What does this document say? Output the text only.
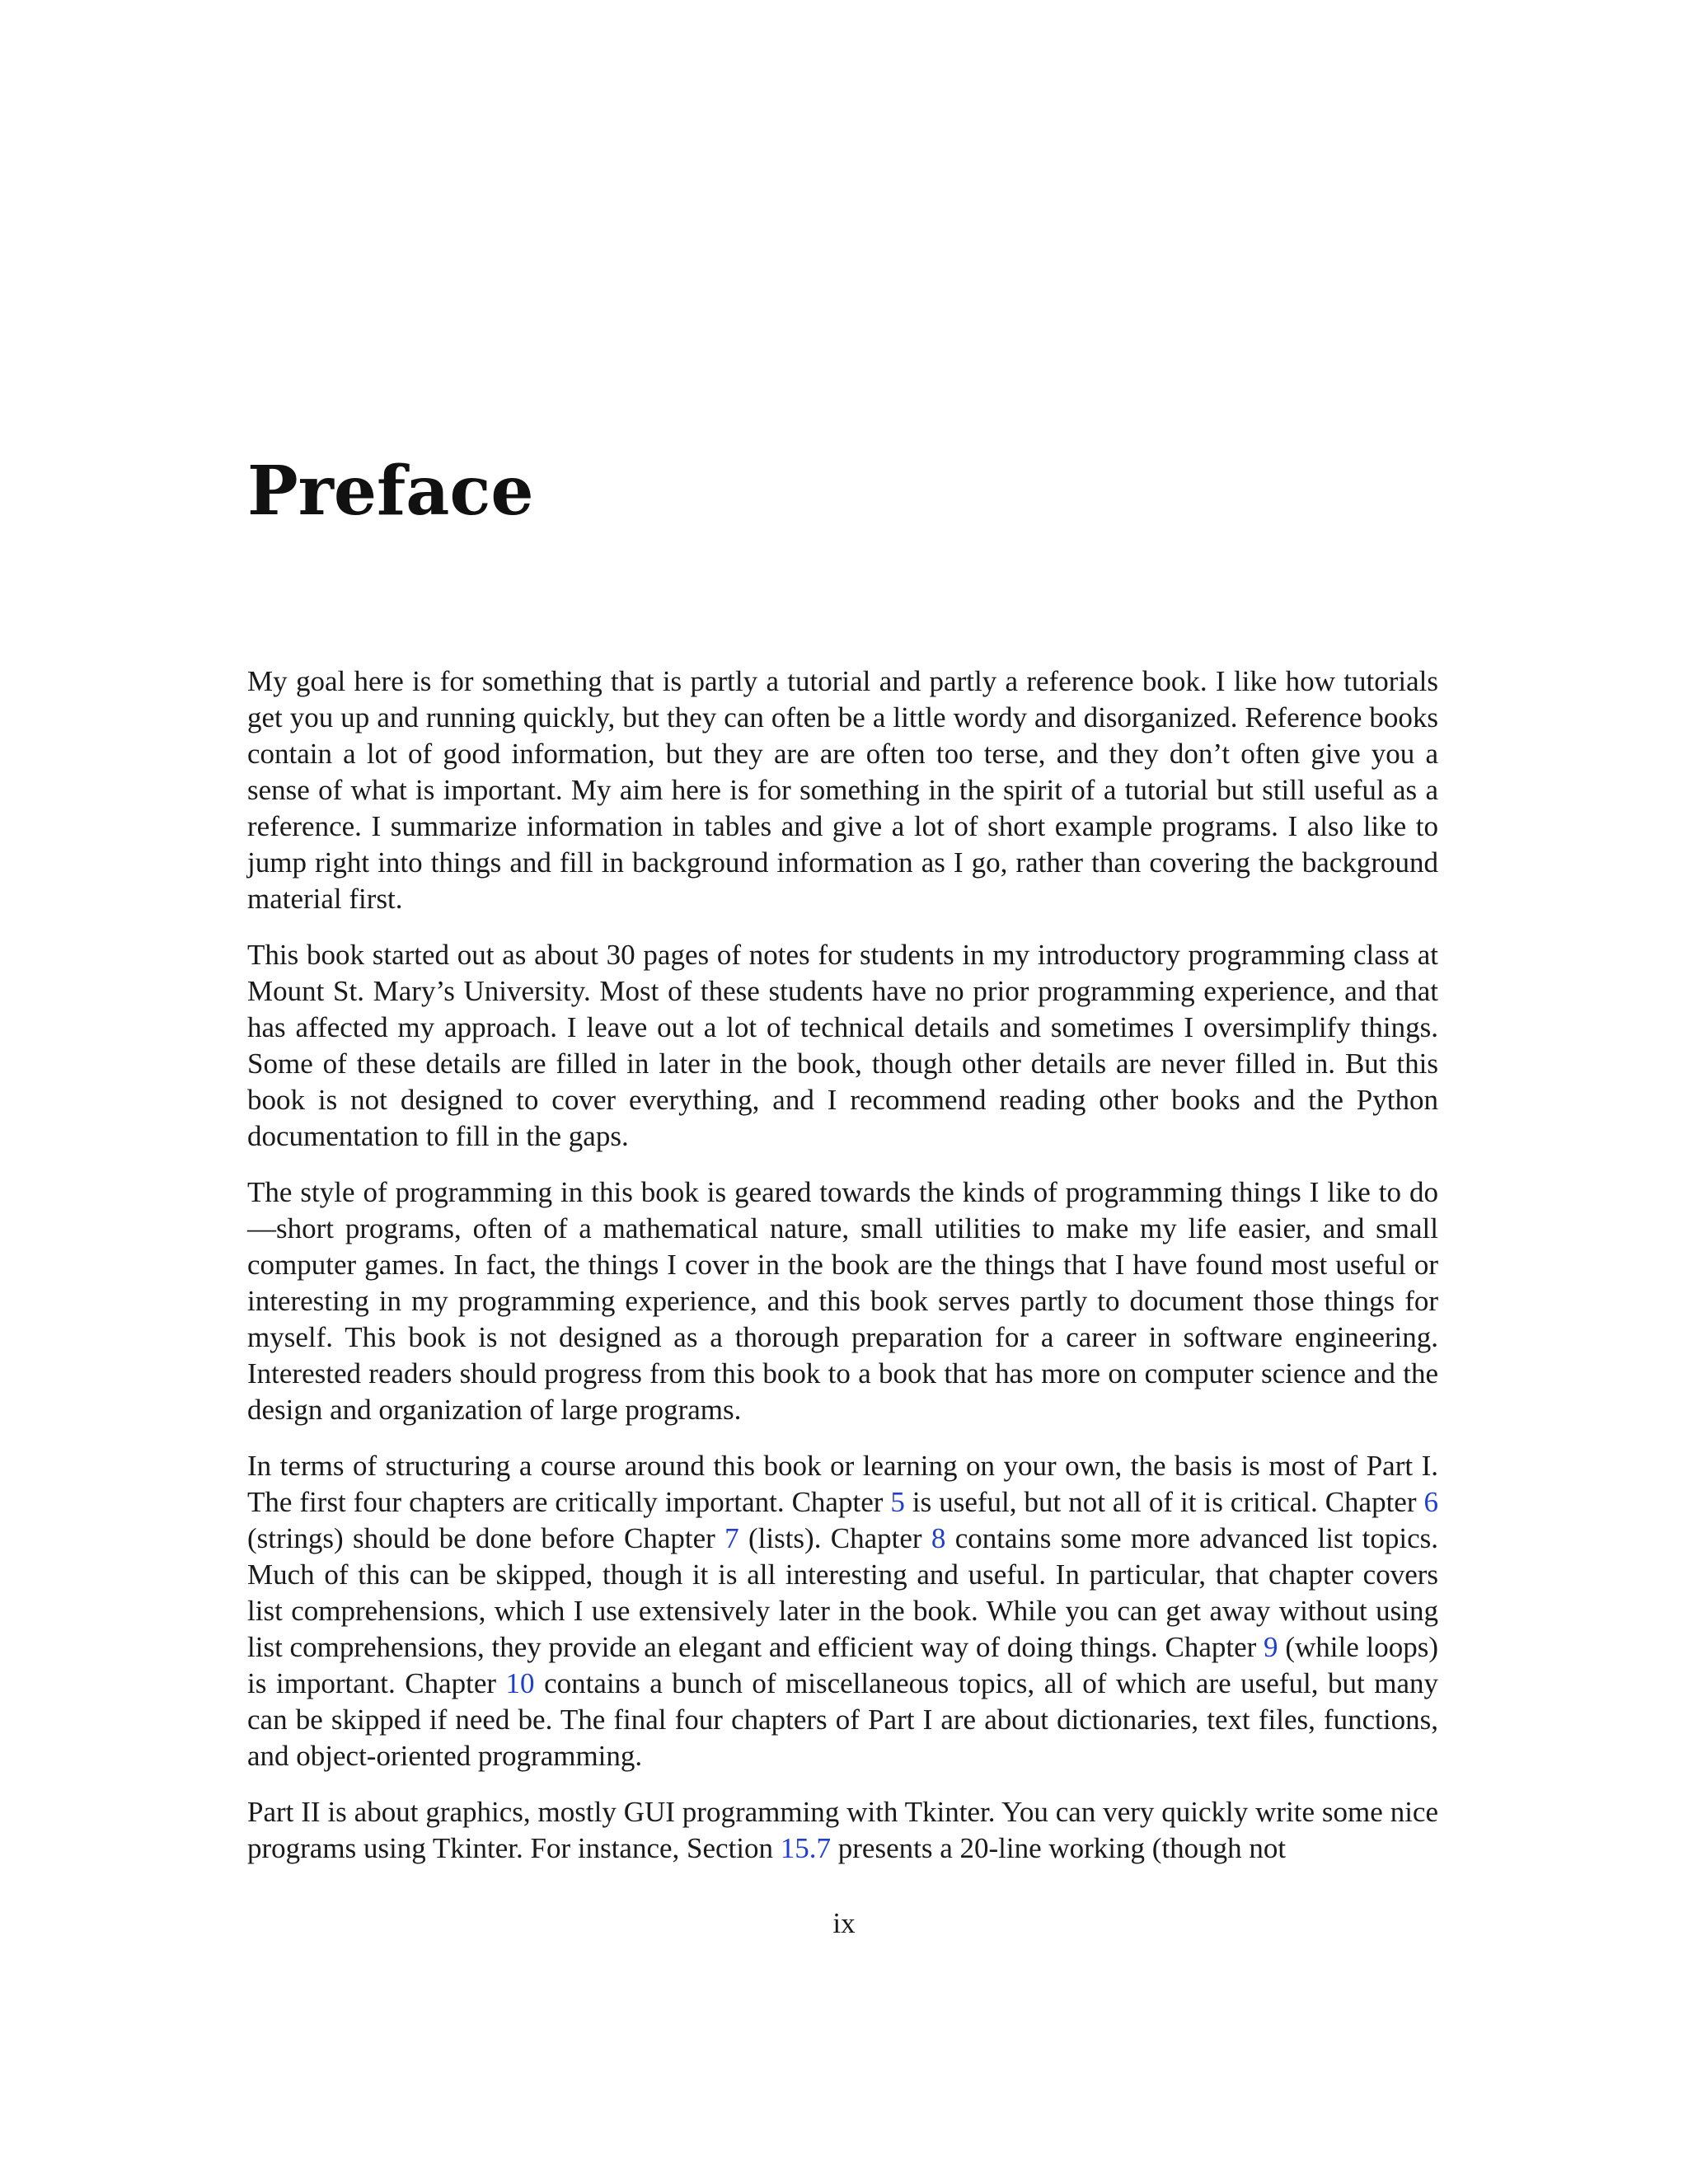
Preface

My goal here is for something that is partly a tutorial and partly a reference book. I like how tutorials get you up and running quickly, but they can often be a little wordy and disorganized. Reference books contain a lot of good information, but they are are often too terse, and they don’t often give you a sense of what is important. My aim here is for something in the spirit of a tutorial but still useful as a reference. I summarize information in tables and give a lot of short example programs. I also like to jump right into things and fill in background information as I go, rather than covering the background material first.

This book started out as about 30 pages of notes for students in my introductory programming class at Mount St. Mary’s University. Most of these students have no prior programming experience, and that has affected my approach. I leave out a lot of technical details and sometimes I oversimplify things. Some of these details are filled in later in the book, though other details are never filled in. But this book is not designed to cover everything, and I recommend reading other books and the Python documentation to fill in the gaps.

The style of programming in this book is geared towards the kinds of programming things I like to do—short programs, often of a mathematical nature, small utilities to make my life easier, and small computer games. In fact, the things I cover in the book are the things that I have found most useful or interesting in my programming experience, and this book serves partly to document those things for myself. This book is not designed as a thorough preparation for a career in software engineering. Interested readers should progress from this book to a book that has more on computer science and the design and organization of large programs.

In terms of structuring a course around this book or learning on your own, the basis is most of Part I. The first four chapters are critically important. Chapter 5 is useful, but not all of it is critical. Chapter 6 (strings) should be done before Chapter 7 (lists). Chapter 8 contains some more advanced list topics. Much of this can be skipped, though it is all interesting and useful. In particular, that chapter covers list comprehensions, which I use extensively later in the book. While you can get away without using list comprehensions, they provide an elegant and efficient way of doing things. Chapter 9 (while loops) is important. Chapter 10 contains a bunch of miscellaneous topics, all of which are useful, but many can be skipped if need be. The final four chapters of Part I are about dictionaries, text files, functions, and object-oriented programming.

Part II is about graphics, mostly GUI programming with Tkinter. You can very quickly write some nice programs using Tkinter. For instance, Section 15.7 presents a 20-line working (though not

ix
